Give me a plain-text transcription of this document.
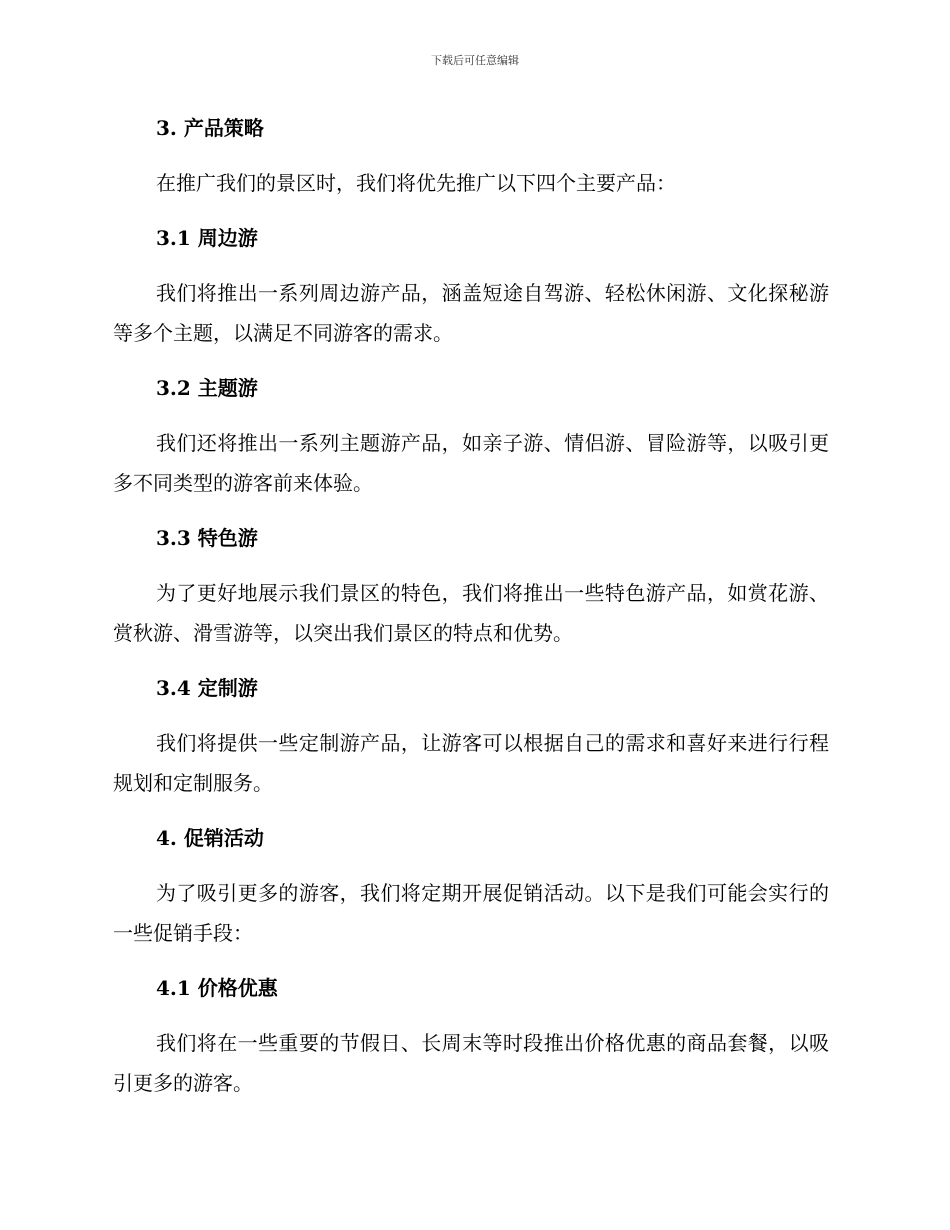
下载后可任意编辑

3. 产品策略

在推广我们的景区时，我们将优先推广以下四个主要产品：

3.1 周边游

我们将推出一系列周边游产品，涵盖短途自驾游、轻松休闲游、文化探秘游等多个主题，以满足不同游客的需求。

3.2 主题游

我们还将推出一系列主题游产品，如亲子游、情侣游、冒险游等，以吸引更多不同类型的游客前来体验。

3.3 特色游

为了更好地展示我们景区的特色，我们将推出一些特色游产品，如赏花游、赏秋游、滑雪游等，以突出我们景区的特点和优势。

3.4 定制游

我们将提供一些定制游产品，让游客可以根据自己的需求和喜好来进行行程规划和定制服务。

4. 促销活动

为了吸引更多的游客，我们将定期开展促销活动。以下是我们可能会实行的一些促销手段：

4.1 价格优惠

我们将在一些重要的节假日、长周末等时段推出价格优惠的商品套餐，以吸引更多的游客。
